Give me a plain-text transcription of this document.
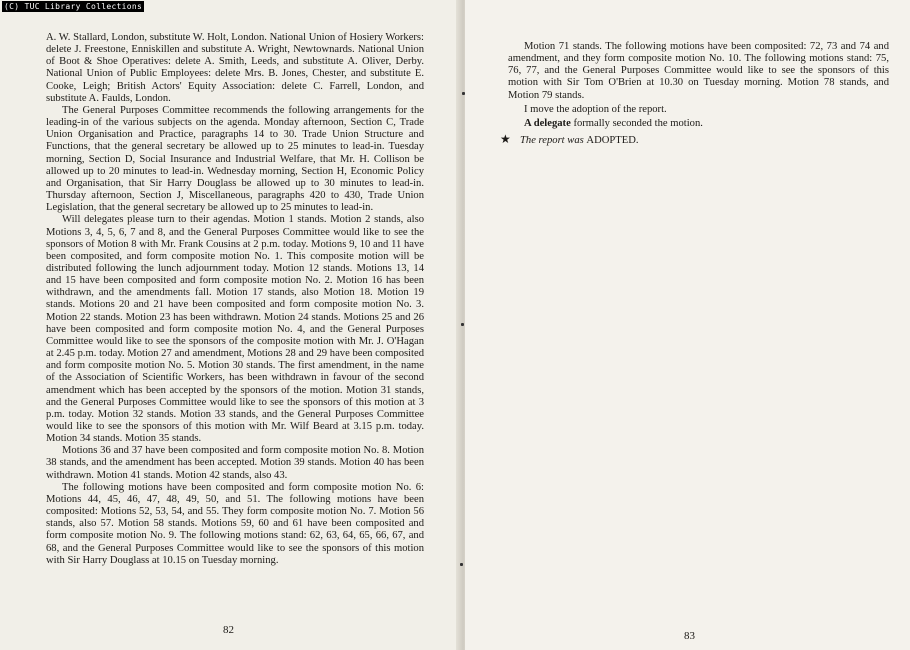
(C) TUC Library Collections

A. W. Stallard, London, substitute W. Holt, London. National Union of Hosiery Workers: delete J. Freestone, Enniskillen and substitute A. Wright, Newtownards. National Union of Boot & Shoe Operatives: delete A. Smith, Leeds, and substitute A. Oliver, Derby. National Union of Public Employees: delete Mrs. B. Jones, Chester, and substitute E. Cooke, Leigh; British Actors' Equity Association: delete C. Farrell, London, and substitute A. Faulds, London.

The General Purposes Committee recommends the following arrangements for the leading-in of the various subjects on the agenda. Monday afternoon, Section C, Trade Union Organisation and Practice, paragraphs 14 to 30. Trade Union Structure and Functions, that the general secretary be allowed up to 25 minutes to lead-in. Tuesday morning, Section D, Social Insurance and Industrial Welfare, that Mr. H. Collison be allowed up to 20 minutes to lead-in. Wednesday morning, Section H, Economic Policy and Organisation, that Sir Harry Douglass be allowed up to 30 minutes to lead-in. Thursday afternoon, Section J, Miscellaneous, paragraphs 420 to 430, Trade Union Legislation, that the general secretary be allowed up to 25 minutes to lead-in.

Will delegates please turn to their agendas. Motion 1 stands. Motion 2 stands, also Motions 3, 4, 5, 6, 7 and 8, and the General Purposes Committee would like to see the sponsors of Motion 8 with Mr. Frank Cousins at 2 p.m. today. Motions 9, 10 and 11 have been composited, and form composite motion No. 1. This composite motion will be distributed following the lunch adjournment today. Motion 12 stands. Motions 13, 14 and 15 have been composited and form composite motion No. 2. Motion 16 has been withdrawn, and the amendments fall. Motion 17 stands, also Motion 18. Motion 19 stands. Motions 20 and 21 have been composited and form composite motion No. 3. Motion 22 stands. Motion 23 has been withdrawn. Motion 24 stands. Motions 25 and 26 have been composited and form composite motion No. 4, and the General Purposes Committee would like to see the sponsors of the composite motion with Mr. J. O'Hagan at 2.45 p.m. today. Motion 27 and amendment, Motions 28 and 29 have been composited and form composite motion No. 5. Motion 30 stands. The first amendment, in the name of the Association of Scientific Workers, has been withdrawn in favour of the second amendment which has been accepted by the sponsors of the motion. Motion 31 stands, and the General Purposes Committee would like to see the sponsors of this motion at 3 p.m. today. Motion 32 stands. Motion 33 stands, and the General Purposes Committee would like to see the sponsors of this motion with Mr. Wilf Beard at 3.15 p.m. today. Motion 34 stands. Motion 35 stands.

Motions 36 and 37 have been composited and form composite motion No. 8. Motion 38 stands, and the amendment has been accepted. Motion 39 stands. Motion 40 has been withdrawn. Motion 41 stands. Motion 42 stands, also 43.

The following motions have been composited and form composite motion No. 6: Motions 44, 45, 46, 47, 48, 49, 50, and 51. The following motions have been composited: Motions 52, 53, 54, and 55. They form composite motion No. 7. Motion 56 stands, also 57. Motion 58 stands. Motions 59, 60 and 61 have been composited and form composite motion No. 9. The following motions stand: 62, 63, 64, 65, 66, 67, and 68, and the General Purposes Committee would like to see the sponsors of this motion with Sir Harry Douglass at 10.15 on Tuesday morning.

82

Motion 71 stands. The following motions have been composited: 72, 73 and 74 and amendment, and they form composite motion No. 10. The following motions stand: 75, 76, 77, and the General Purposes Committee would like to see the sponsors of this motion with Sir Tom O'Brien at 10.30 on Tuesday morning. Motion 78 stands, and Motion 79 stands.

I move the adoption of the report.

A delegate formally seconded the motion.

★ The report was
ADOPTED.
83
